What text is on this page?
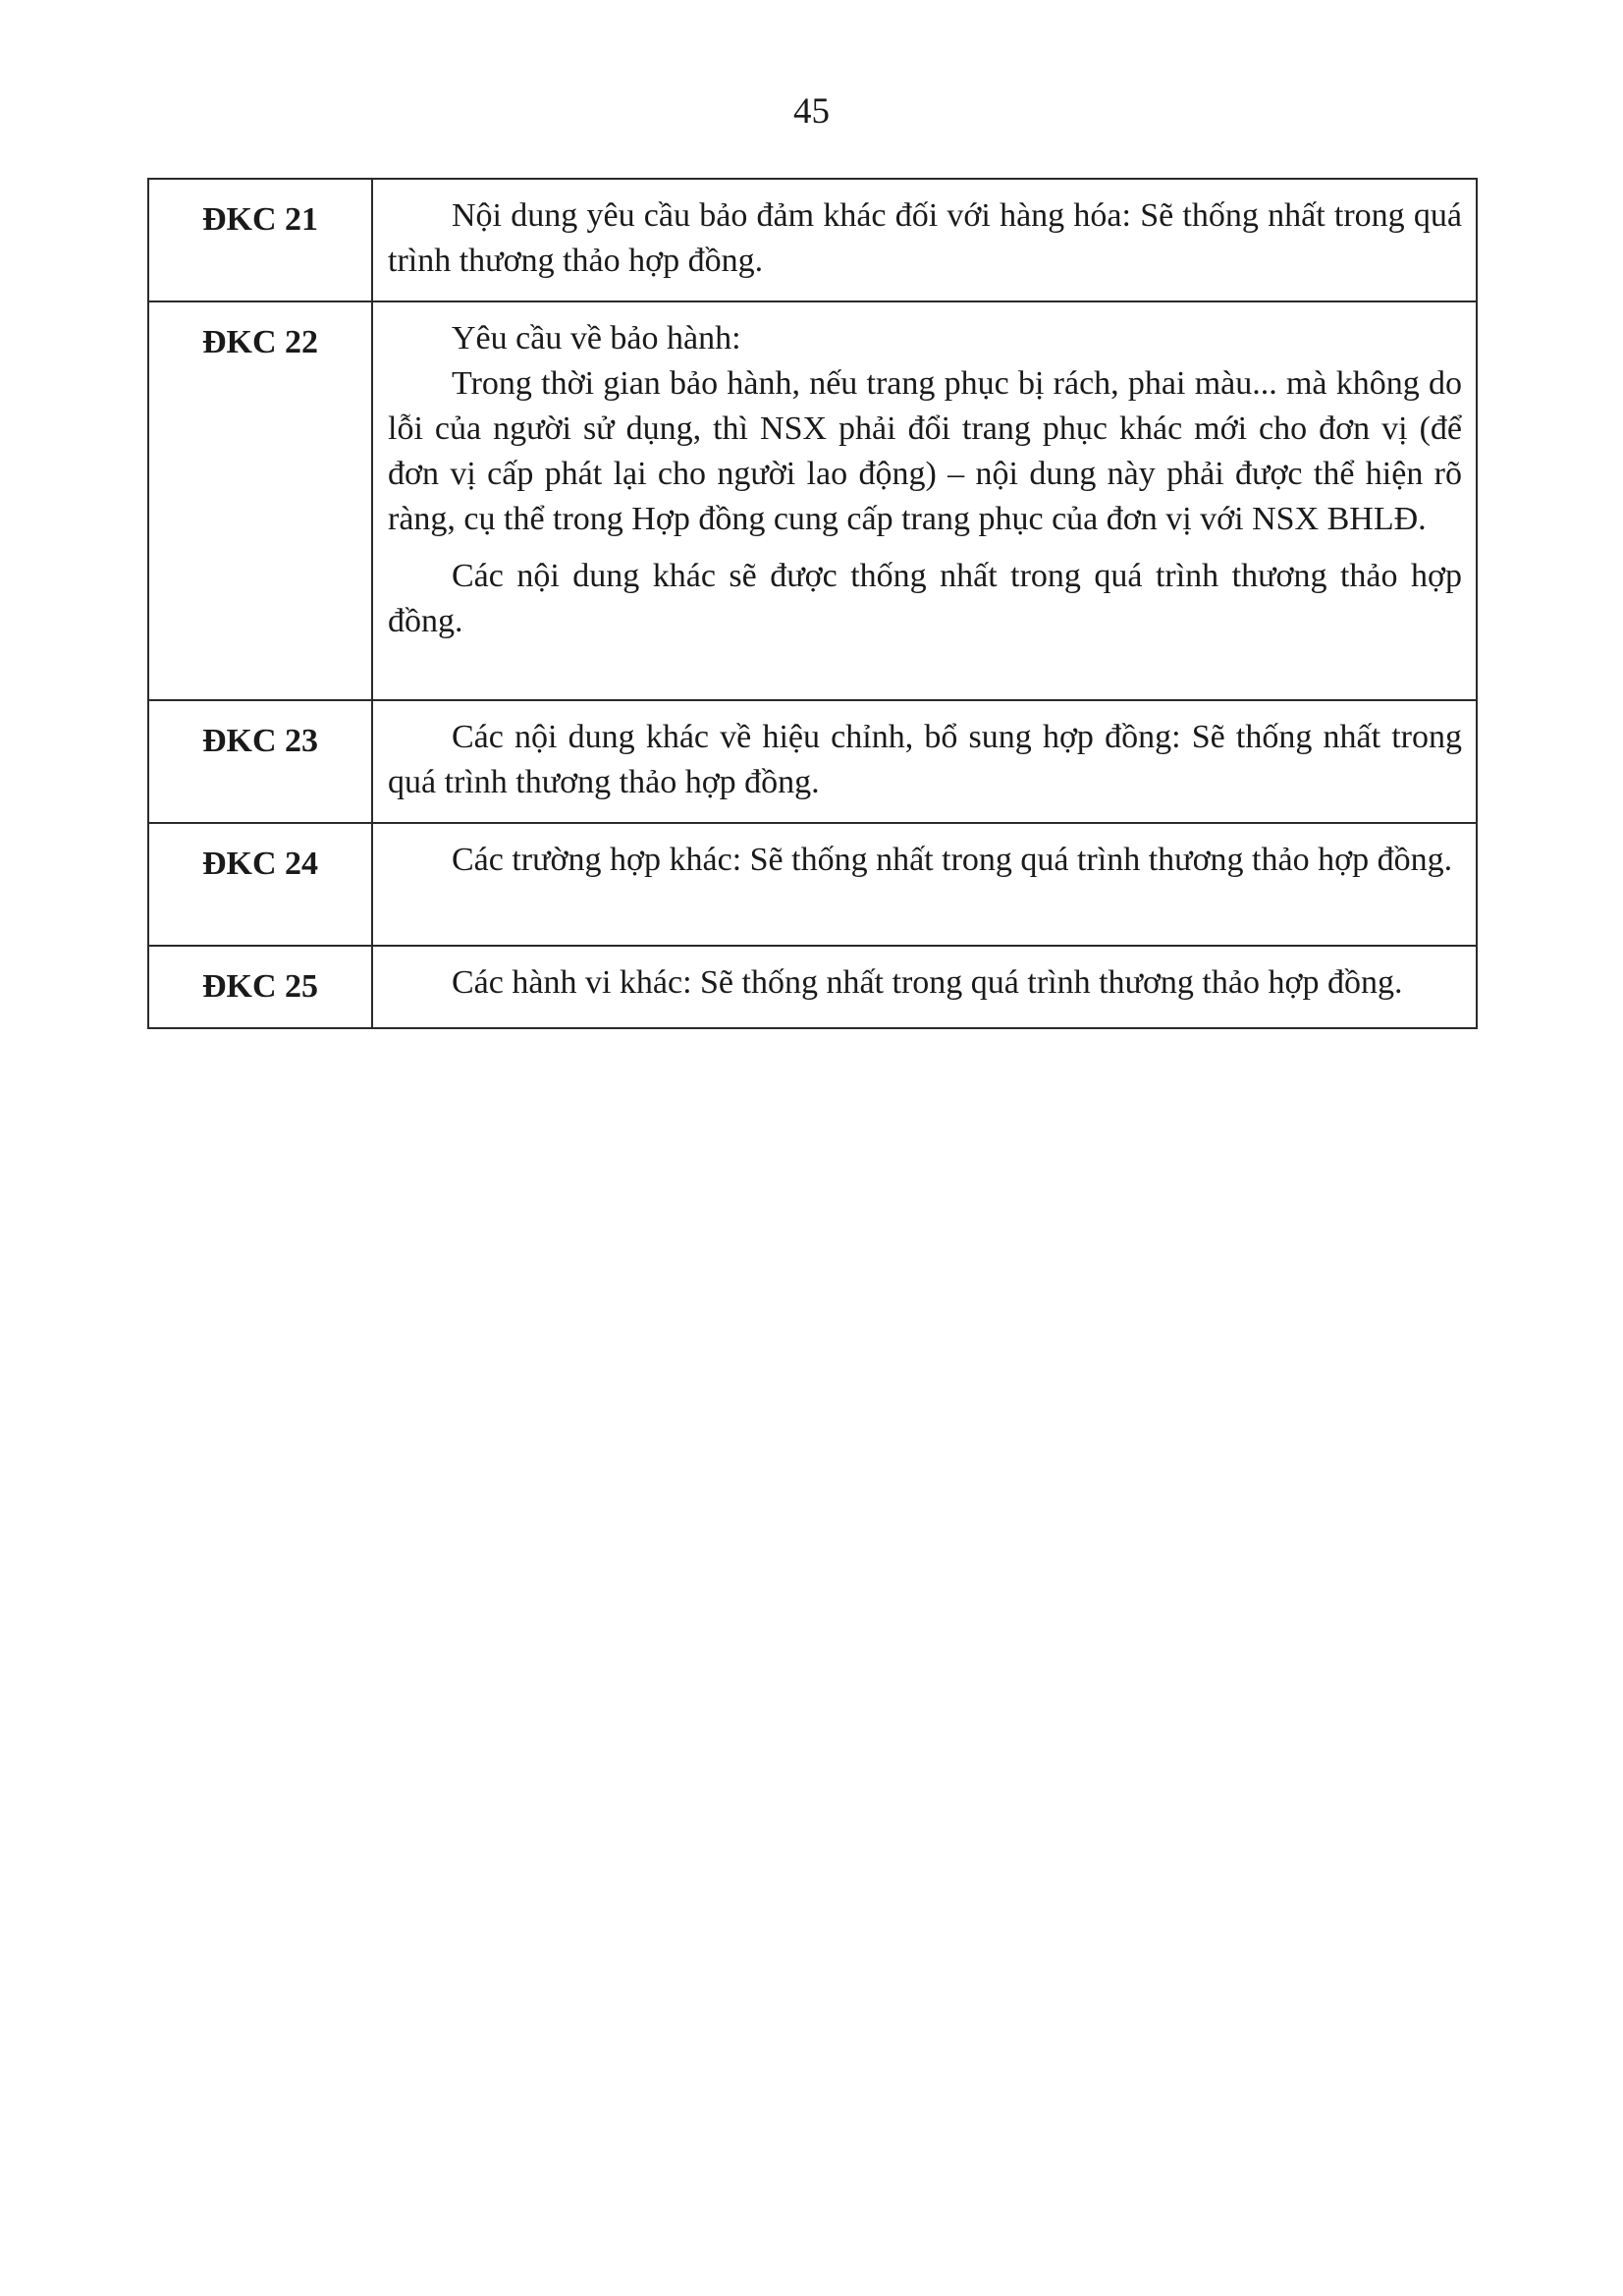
45
ĐKC 21	Nội dung yêu cầu bảo đảm khác đối với hàng hóa: Sẽ thống nhất trong quá trình thương thảo hợp đồng.

ĐKC 22	Yêu cầu về bảo hành:

Trong thời gian bảo hành, nếu trang phục bị rách, phai màu... mà không do lỗi của người sử dụng, thì NSX phải đổi trang phục khác mới cho đơn vị (để đơn vị cấp phát lại cho người lao động) – nội dung này phải được thể hiện rõ ràng, cụ thể trong Hợp đồng cung cấp trang phục của đơn vị với NSX BHLĐ.

Các nội dung khác sẽ được thống nhất trong quá trình thương thảo hợp đồng.

ĐKC 23	Các nội dung khác về hiệu chỉnh, bổ sung hợp đồng: Sẽ thống nhất trong quá trình thương thảo hợp đồng.

ĐKC 24	Các trường hợp khác: Sẽ thống nhất trong quá trình thương thảo hợp đồng.

ĐKC 25	Các hành vi khác: Sẽ thống nhất trong quá trình thương thảo hợp đồng.
